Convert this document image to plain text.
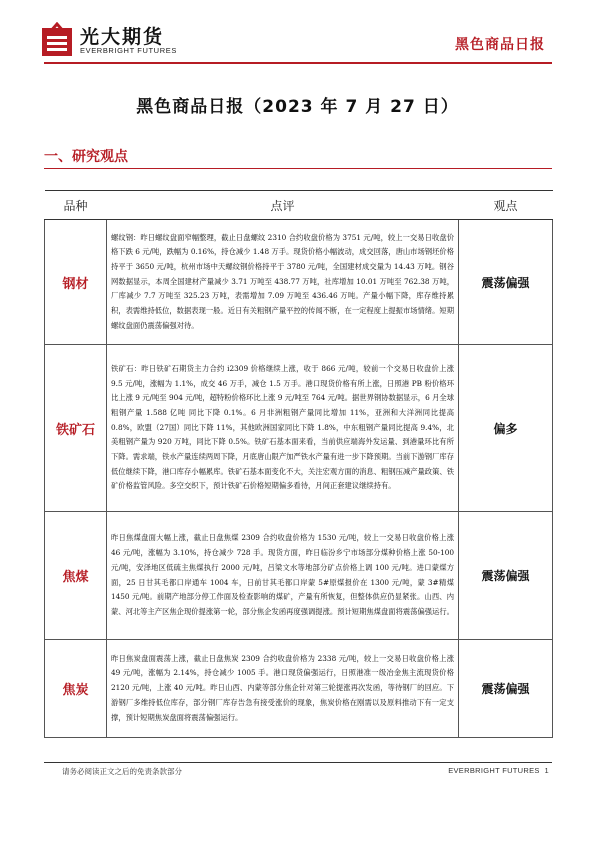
光大期货
EVERBRIGHT FUTURES	黑色商品日报
黑色商品日报（2023 年 7 月 27 日）
一、研究观点
品种	点评	观点
钢材	螺纹钢：昨日螺纹盘面窄幅整理，截止日盘螺纹 2310 合约收盘价格为 3751 元/吨，较上一交易日收盘价格下跌 6 元/吨，跌幅为 0.16%，持仓减少 1.48 万手。现货价格小幅波动，成交回落，唐山市场钢坯价格持平于 3650 元/吨，杭州市场中天螺纹钢价格持平于 3780 元/吨，全国建材成交量为 14.43 万吨。钢谷网数据显示，本周全国建材产量减少 3.71 万吨至 438.77 万吨，社库增加 10.01 万吨至 762.38 万吨，厂库减少 7.7 万吨至 325.23 万吨，表需增加 7.09 万吨至 436.46 万吨。产量小幅下降，库存维持累积，表需维持低位，数据表现一般。近日有关粗钢产量平控的传闻不断，在一定程度上提振市场情绪。短期螺纹盘面仍震荡偏强对待。	震荡偏强
铁矿石	铁矿石：昨日铁矿石期货主力合约 i2309 价格继续上涨，收于 866 元/吨，较前一个交易日收盘价上涨 9.5 元/吨，涨幅为 1.1%，成交 46 万手，减仓 1.5 万手。港口现货价格有所上涨，日照港 PB 粉价格环比上涨 9 元/吨至 904 元/吨，超特粉价格环比上涨 9 元/吨至 764 元/吨。据世界钢协数据显示，6 月全球粗钢产量 1.588 亿吨 同比下降 0.1%。6 月非洲粗钢产量同比增加 11%，亚洲和大洋洲同比提高 0.8%，欧盟（27国）同比下降 11%，其他欧洲国家同比下降 1.8%，中东粗钢产量同比提高 9.4%，北美粗钢产量为 920 万吨，同比下降 0.5%。铁矿石基本面来看，当前供应端海外发运量、到港量环比有所下降。需求端，铁水产量连续两周下降，月底唐山限产加严铁水产量有进一步下降预期。当前下游钢厂库存低位继续下降，港口库存小幅累库。铁矿石基本面变化不大，关注宏观方面的消息、粗钢压减产量政策、铁矿价格监管风险。多空交织下，预计铁矿石价格短期偏多看待，月间正套建议继续持有。	偏多
焦煤	昨日焦煤盘面大幅上涨，截止日盘焦煤 2309 合约收盘价格为 1530 元/吨，较上一交易日收盘价格上涨 46 元/吨，涨幅为 3.10%，持仓减少 728 手。现货方面，昨日临汾乡宁市场部分煤种价格上涨 50-100 元/吨，安泽地区低硫主焦煤执行 2000 元/吨，吕梁文水等地部分矿点价格上调 100 元/吨。进口蒙煤方面，25 日甘其毛都口岸通车 1004 车，日前甘其毛都口岸蒙 5#原煤报价在 1300 元/吨，蒙 3#精煤 1450 元/吨。前期产地部分停工作面及检查影响的煤矿，产量有所恢复，但整体供应仍显紧张。山西、内蒙、河北等主产区焦企现价提涨第一轮，部分焦企发函再度强调提涨。预计短期焦煤盘面将震荡偏强运行。	震荡偏强
焦炭	昨日焦炭盘面震荡上涨，截止日盘焦炭 2309 合约收盘价格为 2338 元/吨，较上一交易日收盘价格上涨 49 元/吨，涨幅为 2.14%，持仓减少 1005 手。港口现货偏强运行，日照港准一级冶金焦主流现货价格 2120 元/吨，上涨 40 元/吨。昨日山西、内蒙等部分焦企针对第三轮提涨再次发函，等待钢厂的回应。下游钢厂多维持低位库存，部分钢厂库存告急有接受涨价的现象，焦炭价格在刚需以及原料推动下有一定支撑，预计短期焦炭盘面将震荡偏强运行。	震荡偏强
请务必阅读正文之后的免责条款部分	EVERBRIGHT FUTURES 1
